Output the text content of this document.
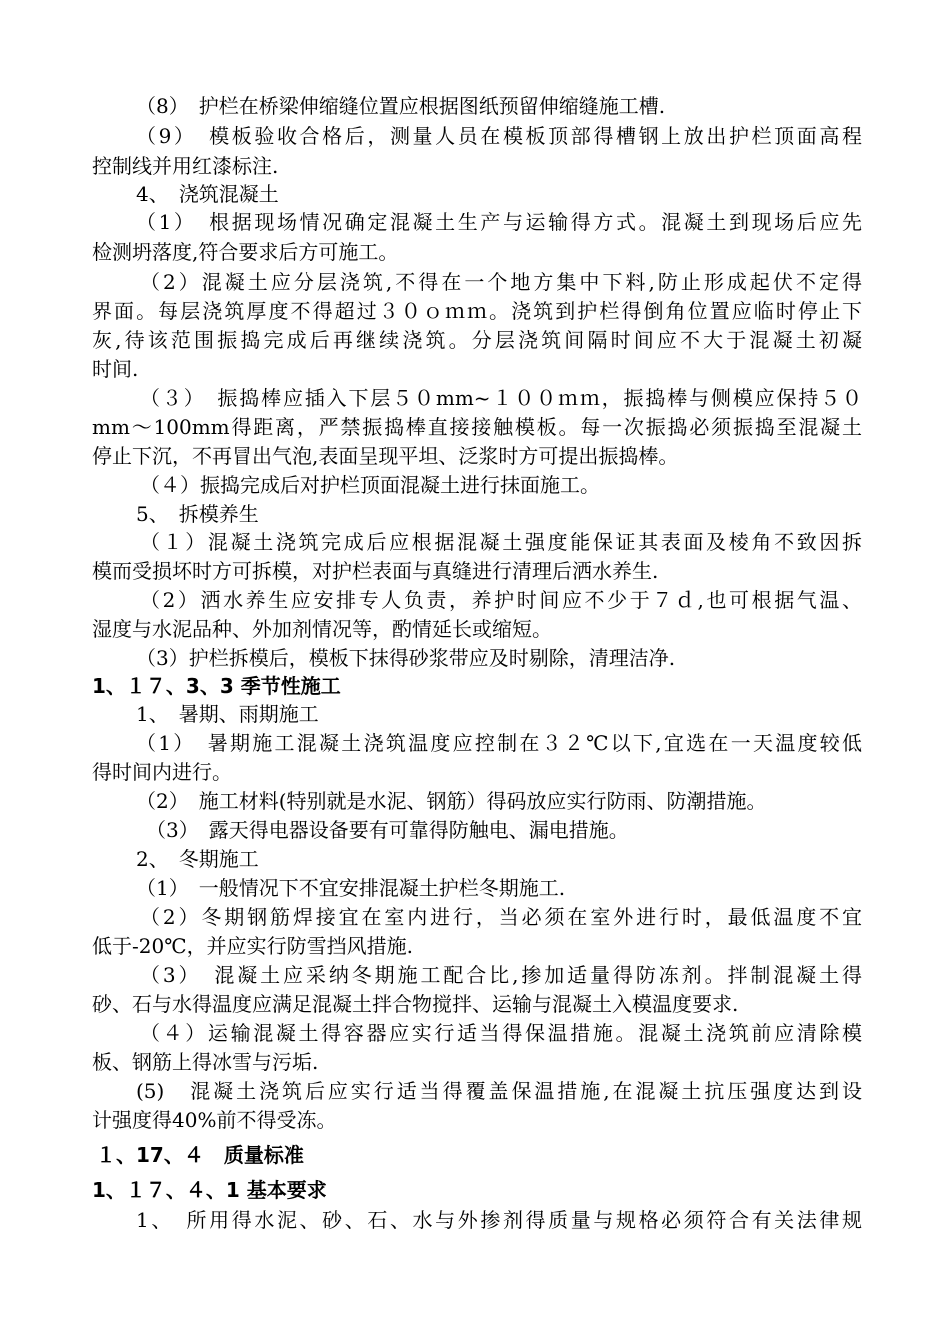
（8）　护栏在桥梁伸缩缝位置应根据图纸预留伸缩缝施工槽.
（9）　模板验收合格后，测量人员在模板顶部得槽钢上放出护栏顶面高程
控制线并用红漆标注.
4、　浇筑混凝土
（1）　根据现场情况确定混凝土生产与运输得方式。混凝土到现场后应先
检测坍落度,符合要求后方可施工。
（2）混凝土应分层浇筑,不得在一个地方集中下料,防止形成起伏不定得
界面。每层浇筑厚度不得超过３０ｏｍｍ。浇筑到护栏得倒角位置应临时停止下
灰,待该范围振捣完成后再继续浇筑。分层浇筑间隔时间应不大于混凝土初凝
时间.
（３）　振捣棒应插入下层５０mm~１００ｍｍ，振捣棒与侧模应保持５０
mm～100mm得距离，严禁振捣棒直接接触模板。每一次振捣必须振捣至混凝土
停止下沉，不再冒出气泡,表面呈现平坦、泛浆时方可提出振捣棒。
（４）振捣完成后对护栏顶面混凝土进行抹面施工。
5、　拆模养生
（１）混凝土浇筑完成后应根据混凝土强度能保证其表面及棱角不致因拆
模而受损坏时方可拆模，对护栏表面与真缝进行清理后洒水养生.
（2）洒水养生应安排专人负责，养护时间应不少于７ｄ,也可根据气温、
湿度与水泥品种、外加剂情况等，酌情延长或缩短。
（3）护栏拆模后，模板下抹得砂浆带应及时剔除，清理洁净.
1、１７、3、3 季节性施工
1、　暑期、雨期施工
（1）　暑期施工混凝土浇筑温度应控制在３２℃以下,宜选在一天温度较低
得时间内进行。
（2）　施工材料(特别就是水泥、钢筋）得码放应实行防雨、防潮措施。
（3）　露天得电器设备要有可靠得防触电、漏电措施。
2、　冬期施工
（1）　一般情况下不宜安排混凝土护栏冬期施工.
（2）冬期钢筋焊接宜在室内进行，当必须在室外进行时，最低温度不宜
低于-20℃，并应实行防雪挡风措施.
（3）　混凝土应采纳冬期施工配合比,掺加适量得防冻剂。拌制混凝土得
砂、石与水得温度应满足混凝土拌合物搅拌、运输与混凝土入模温度要求.
（４）运输混凝土得容器应实行适当得保温措施。混凝土浇筑前应清除模
板、钢筋上得冰雪与污垢.
(5)　混凝土浇筑后应实行适当得覆盖保温措施,在混凝土抗压强度达到设
计强度得40%前不得受冻。
１、17、４　质量标准
1、１７、４、1 基本要求
1、　所用得水泥、砂、石、水与外掺剂得质量与规格必须符合有关法律规
